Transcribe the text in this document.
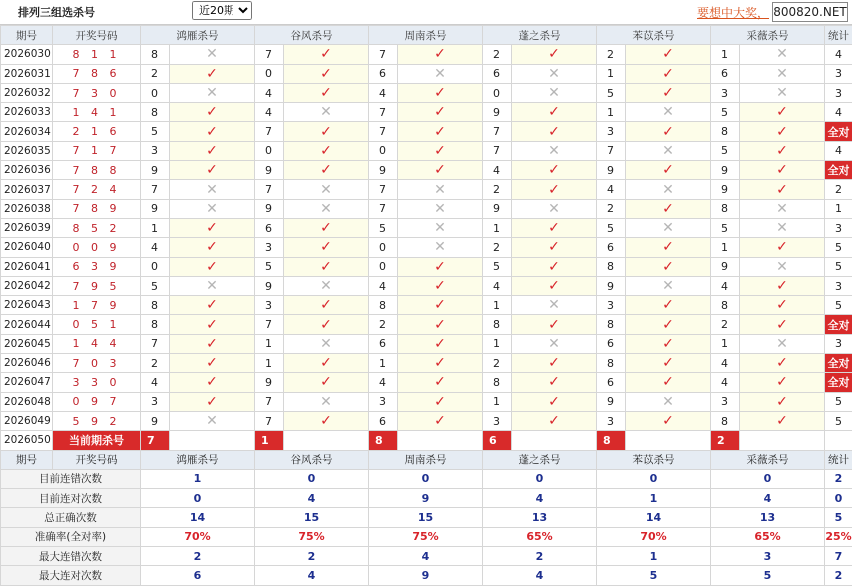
排列三组选杀号
近20期	要想中大奖， 800820.NET
期号	开奖号码	鸿雁杀号		谷风杀号		周南杀号		蓬之杀号		苯苡杀号		采薇杀号		统计
2026030	8 1 1	8	✕	7	✓	7	✓	2	✓	2	✓	1	✕	4
2026031	7 8 6	2	✓	0	✓	6	✕	6	✕	1	✓	6	✕	3
2026032	7 3 0	0	✕	4	✓	4	✓	0	✕	5	✓	3	✕	3
2026033	1 4 1	8	✓	4	✕	7	✓	9	✓	1	✕	5	✓	4
2026034	2 1 6	5	✓	7	✓	7	✓	7	✓	3	✓	8	✓	全对
2026035	7 1 7	3	✓	0	✓	0	✓	7	✕	7	✕	5	✓	4
2026036	7 8 8	9	✓	9	✓	9	✓	4	✓	9	✓	9	✓	全对
2026037	7 2 4	7	✕	7	✕	7	✕	2	✓	4	✕	9	✓	2
2026038	7 8 9	9	✕	9	✕	7	✕	9	✕	2	✓	8	✕	1
2026039	8 5 2	1	✓	6	✓	5	✕	1	✓	5	✕	5	✕	3
2026040	0 0 9	4	✓	3	✓	0	✕	2	✓	6	✓	1	✓	5
2026041	6 3 9	0	✓	5	✓	0	✓	5	✓	8	✓	9	✕	5
2026042	7 9 5	5	✕	9	✕	4	✓	4	✓	9	✕	4	✓	3
2026043	1 7 9	8	✓	3	✓	8	✓	1	✕	3	✓	8	✓	5
2026044	0 5 1	8	✓	7	✓	2	✓	8	✓	8	✓	2	✓	全对
2026045	1 4 4	7	✓	1	✕	6	✓	1	✕	6	✓	1	✕	3
2026046	7 0 3	2	✓	1	✓	1	✓	2	✓	8	✓	4	✓	全对
2026047	3 3 0	4	✓	9	✓	4	✓	8	✓	6	✓	4	✓	全对
2026048	0 9 7	3	✓	7	✕	3	✓	1	✓	9	✕	3	✓	5
2026049	5 9 2	9	✕	7	✓	6	✓	3	✓	3	✓	8	✓	5
2026050	当前期杀号	7		1		8		6		8		2		
期号	开奖号码	鸿雁杀号		谷风杀号		周南杀号		蓬之杀号		苯苡杀号		采薇杀号		统计
目前连错次数		1		0		0		0		0		0		2
目前连对次数		0		4		9		4		1		4		0
总正确次数		14		15		15		13		14		13		5
准确率(全对率)		70%		75%		75%		65%		70%		65%		25%
最大连错次数		2		2		4		2		1		3		7
最大连对次数		6		4		9		4		5		5		2
